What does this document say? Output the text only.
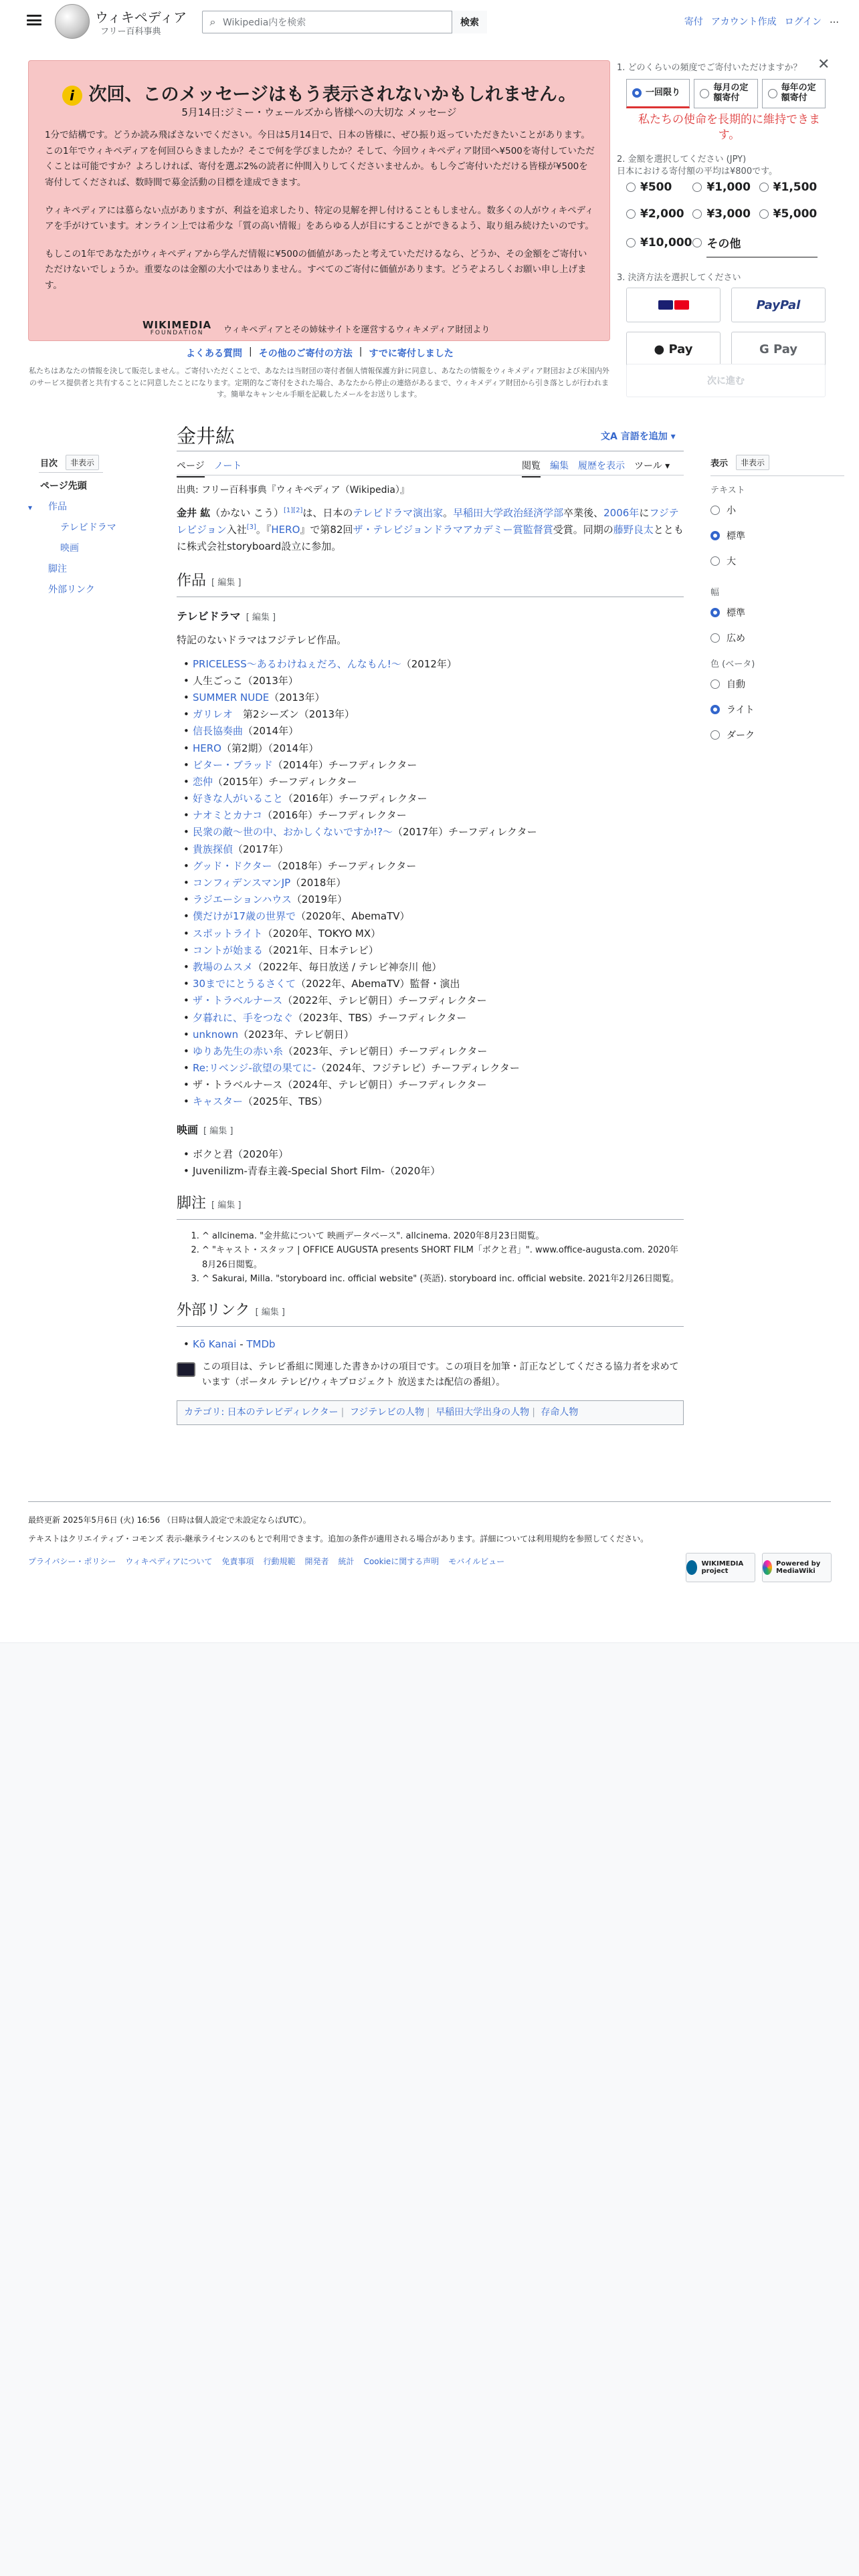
ウィキペディア
フリー百科事典
⌕ Wikipedia内を検索	検索	寄付 アカウント作成 ログイン …
i 次回、このメッセージはもう表示されないかもしれません。
5月14日:ジミー・ウェールズから皆様への大切な メッセージ

1分で結構です。どうか読み飛ばさないでください。今日は5月14日で、日本の皆様に、ぜひ振り返っていただきたいことがあります。この1年でウィキペディアを何回ひらきましたか？そこで何を学びましたか？そして、今回ウィキペディア財団へ¥500を寄付していただくことは可能ですか？よろしければ、寄付を選ぶ2%の読者に仲間入りしてくださいませんか。もし今ご寄付いただける皆様が¥500を寄付してくだされば、数時間で募金活動の目標を達成できます。

ウィキペディアには慕らない点がありますが、利益を追求したり、特定の見解を押し付けることもしません。数多くの人がウィキペディアを手がけています。オンライン上では希少な「質の高い情報」をあらゆる人が目にすることができるよう、取り組み続けたいのです。

もしこの1年であなたがウィキペディアから学んだ情報に¥500の価値があったと考えていただけるなら、どうか、その金額をご寄付いただけないでしょうか。重要なのは金額の大小ではありません。すべてのご寄付に価値があります。どうぞよろしくお願い申し上げます。

WIKIMEDIA
FOUNDATION	ウィキペディアとその姉妹サイトを運営するウィキメディア財団より
✕
1. どのくらいの頻度でご寄付いただけますか？
一回限り	毎月の定額寄付
毎年の定額寄付
私たちの使命を長期的に維持できます。
2. 金額を選択してください (JPY)
日本における寄付額の平均は¥800です。
¥500	¥1,000 ¥1,500
¥2,000 ¥3,000 ¥5,000
¥10,000 その他
3. 決済方法を選択してください
PayPal
● Pay	G Pay
次に進む
よくある質問 | その他のご寄付の方法 | すでに寄付しました
私たちはあなたの情報を決して販売しません。ご寄付いただくことで、あなたは当財団の寄付者個人情報保護方針に同意し、あなたの情報をウィキメディア財団および米国内外のサービス提供者と共有することに同意したことになります。定期的なご寄付をされた場合、あなたから停止の連絡があるまで、ウィキメディア財団から引き落としが行われます。簡単なキャンセル手順を記載したメールをお送りします。
目次	非表示
▾
ページ先頭
作品
テレビドラマ
映画
脚注
外部リンク
金井紘	文A 言語を追加 ▾
ページ ノート	閲覧 編集 履歴を表示 ツール ▾
出典: フリー百科事典『ウィキペディア（Wikipedia）』

金井 紘（かない こう）[1][2]は、日本のテレビドラマ演出家。早稲田大学政治経済学部卒業後、2006年にフジテレビジョン入社[3]。『HERO』で第82回ザ・テレビジョンドラマアカデミー賞監督賞受賞。同期の藤野良太とともに株式会社storyboard設立に参加。

作品 [ 編集 ]
テレビドラマ [ 編集 ]
特記のないドラマはフジテレビ作品。
• PRICELESS〜あるわけねぇだろ、んなもん!〜（2012年）
• 人生ごっこ（2013年）
• SUMMER NUDE（2013年）
• ガリレオ　第2シーズン（2013年）
• 信長協奏曲（2014年）
• HERO（第2期）（2014年）
• ビター・ブラッド（2014年）チーフディレクター
• 恋仲（2015年）チーフディレクター
• 好きな人がいること（2016年）チーフディレクター
• ナオミとカナコ（2016年）チーフディレクター
• 民衆の敵〜世の中、おかしくないですか!?〜（2017年）チーフディレクター
• 貴族探偵（2017年）
• グッド・ドクター（2018年）チーフディレクター
• コンフィデンスマンJP（2018年）
• ラジエーションハウス（2019年）
• 僕だけが17歳の世界で（2020年、AbemaTV）
• スポットライト（2020年、TOKYO MX）
• コントが始まる（2021年、日本テレビ）
• 教場のムスメ（2022年、毎日放送 / テレビ神奈川 他）
• 30までにとうるさくて（2022年、AbemaTV）監督・演出
• ザ・トラベルナース（2022年、テレビ朝日）チーフディレクター
• 夕暮れに、手をつなぐ（2023年、TBS）チーフディレクター
• unknown（2023年、テレビ朝日）
• ゆりあ先生の赤い糸（2023年、テレビ朝日）チーフディレクター
• Re:リベンジ-欲望の果てに-（2024年、フジテレビ）チーフディレクター
• ザ・トラベルナース（2024年、テレビ朝日）チーフディレクター
• キャスター（2025年、TBS）
映画 [ 編集 ]
• ボクと君（2020年）
• Juvenilizm-青春主義-Special Short Film-（2020年）
脚注 [ 編集 ]
1. ^ allcinema. "金井紘について 映画データベース". allcinema. 2020年8月23日閲覧。
2. ^ "キャスト・スタッフ | OFFICE AUGUSTA presents SHORT FILM「ボクと君」". www.office-augusta.com. 2020年8月26日閲覧。
3. ^ Sakurai, Milla. "storyboard inc. official website" (英語). storyboard inc. official website. 2021年2月26日閲覧。
外部リンク [ 編集 ]
• Kō Kanai - TMDb
この項目は、テレビ番組に関連した書きかけの項目です。この項目を加筆・訂正などしてくださる協力者を求めています（ポータル テレビ/ウィキプロジェクト 放送または配信の番組）。
カテゴリ: 日本のテレビディレクター | フジテレビの人物 | 早稲田大学出身の人物 | 存命人物
表示	非表示
テキスト
小
標準
大
幅
標準
広め
色 (ベータ)
自動
ライト
ダーク
最終更新 2025年5月6日 (火) 16:56 （日時は個人設定で未設定ならばUTC）。
テキストはクリエイティブ・コモンズ 表示-継承ライセンスのもとで利用できます。追加の条件が適用される場合があります。詳細については利用規約を参照してください。
プライバシー・ポリシー ウィキペディアについて 免責事項 行動規範 開発者 統計 Cookieに関する声明 モバイルビュー	WIKIMEDIA project
Powered by MediaWiki
